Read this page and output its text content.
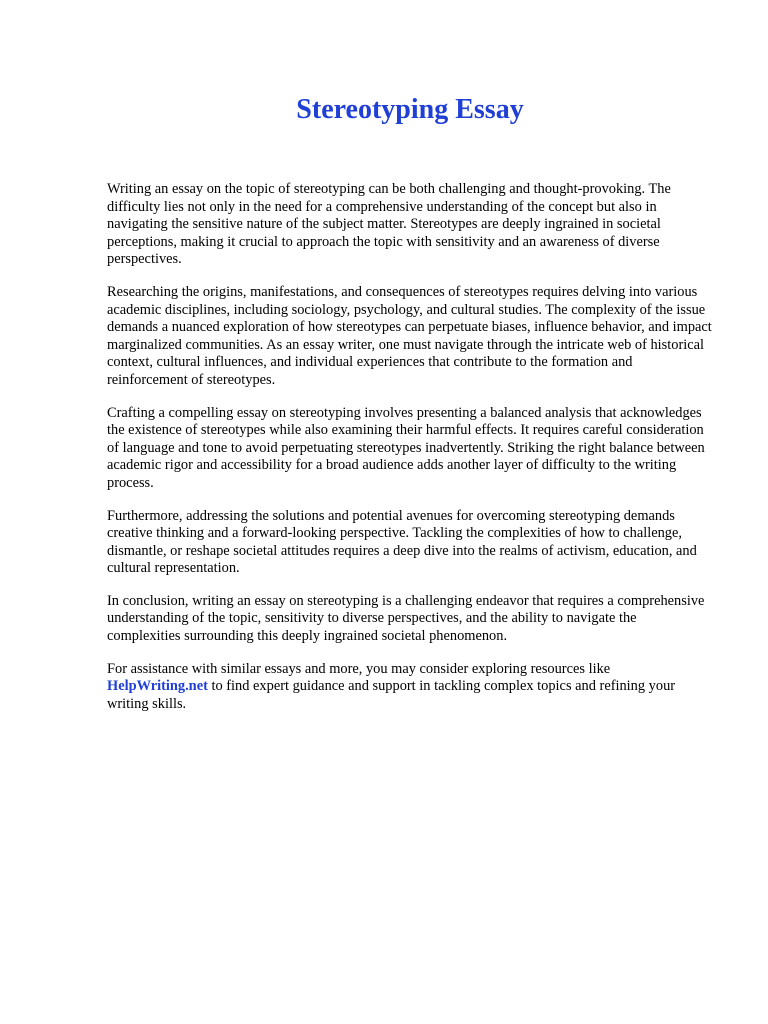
Stereotyping Essay

Writing an essay on the topic of stereotyping can be both challenging and thought-provoking. The difficulty lies not only in the need for a comprehensive understanding of the concept but also in navigating the sensitive nature of the subject matter. Stereotypes are deeply ingrained in societal perceptions, making it crucial to approach the topic with sensitivity and an awareness of diverse perspectives.

Researching the origins, manifestations, and consequences of stereotypes requires delving into various academic disciplines, including sociology, psychology, and cultural studies. The complexity of the issue demands a nuanced exploration of how stereotypes can perpetuate biases, influence behavior, and impact marginalized communities. As an essay writer, one must navigate through the intricate web of historical context, cultural influences, and individual experiences that contribute to the formation and reinforcement of stereotypes.

Crafting a compelling essay on stereotyping involves presenting a balanced analysis that acknowledges the existence of stereotypes while also examining their harmful effects. It requires careful consideration of language and tone to avoid perpetuating stereotypes inadvertently. Striking the right balance between academic rigor and accessibility for a broad audience adds another layer of difficulty to the writing process.

Furthermore, addressing the solutions and potential avenues for overcoming stereotyping demands creative thinking and a forward-looking perspective. Tackling the complexities of how to challenge, dismantle, or reshape societal attitudes requires a deep dive into the realms of activism, education, and cultural representation.

In conclusion, writing an essay on stereotyping is a challenging endeavor that requires a comprehensive understanding of the topic, sensitivity to diverse perspectives, and the ability to navigate the complexities surrounding this deeply ingrained societal phenomenon.

For assistance with similar essays and more, you may consider exploring resources like HelpWriting.net to find expert guidance and support in tackling complex topics and refining your writing skills.
